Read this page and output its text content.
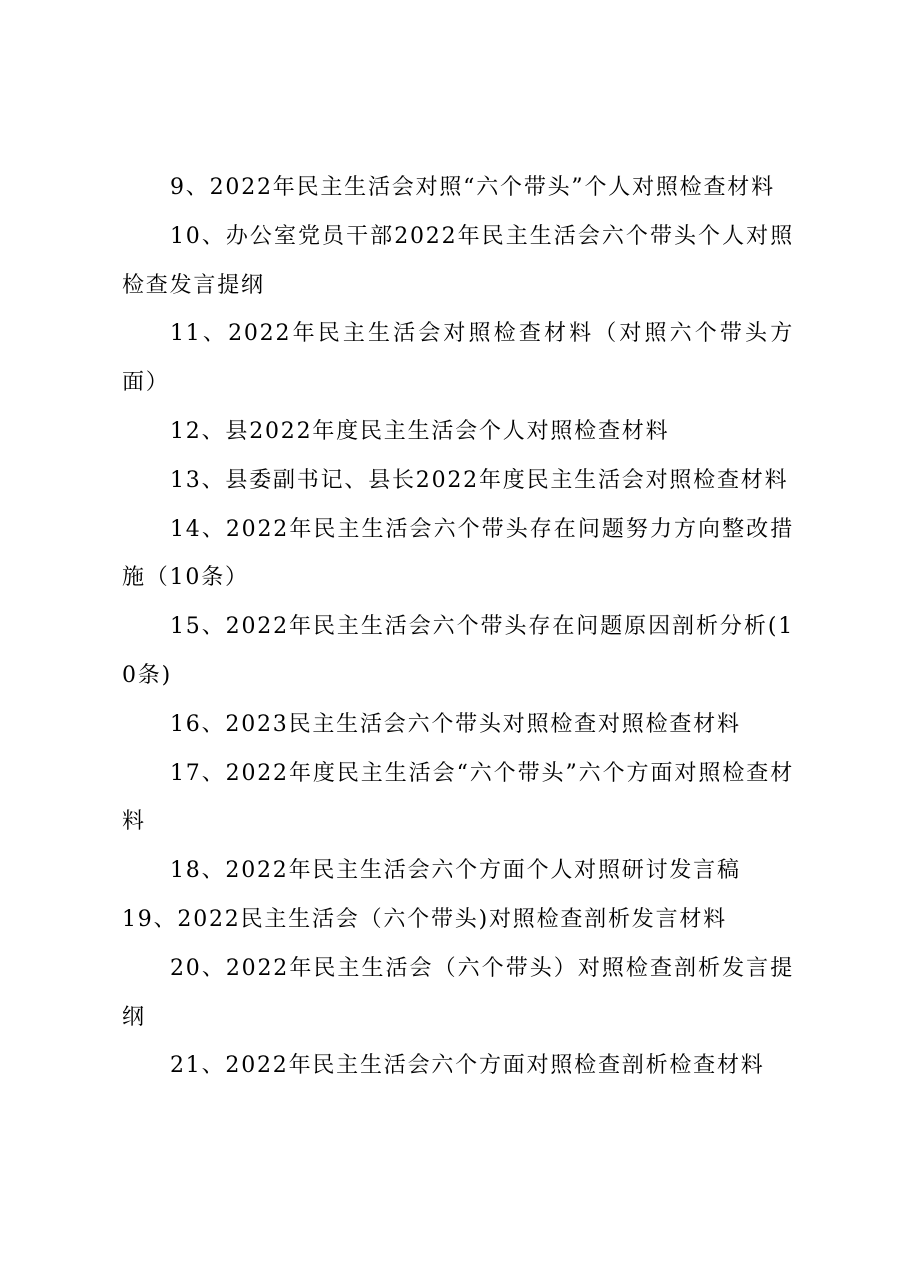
9、2022年民主生活会对照“六个带头”个人对照检查材料

10、办公室党员干部2022年民主生活会六个带头个人对照检查发言提纲

11、2022年民主生活会对照检查材料（对照六个带头方面）

12、县2022年度民主生活会个人对照检查材料

13、县委副书记、县长2022年度民主生活会对照检查材料

14、2022年民主生活会六个带头存在问题努力方向整改措施（10条）

15、2022年民主生活会六个带头存在问题原因剖析分析(10条)

16、2023民主生活会六个带头对照检查对照检查材料

17、2022年度民主生活会“六个带头”六个方面对照检查材料

18、2022年民主生活会六个方面个人对照研讨发言稿

19、2022民主生活会（六个带头)对照检查剖析发言材料

20、2022年民主生活会（六个带头）对照检查剖析发言提纲

21、2022年民主生活会六个方面对照检查剖析检查材料
